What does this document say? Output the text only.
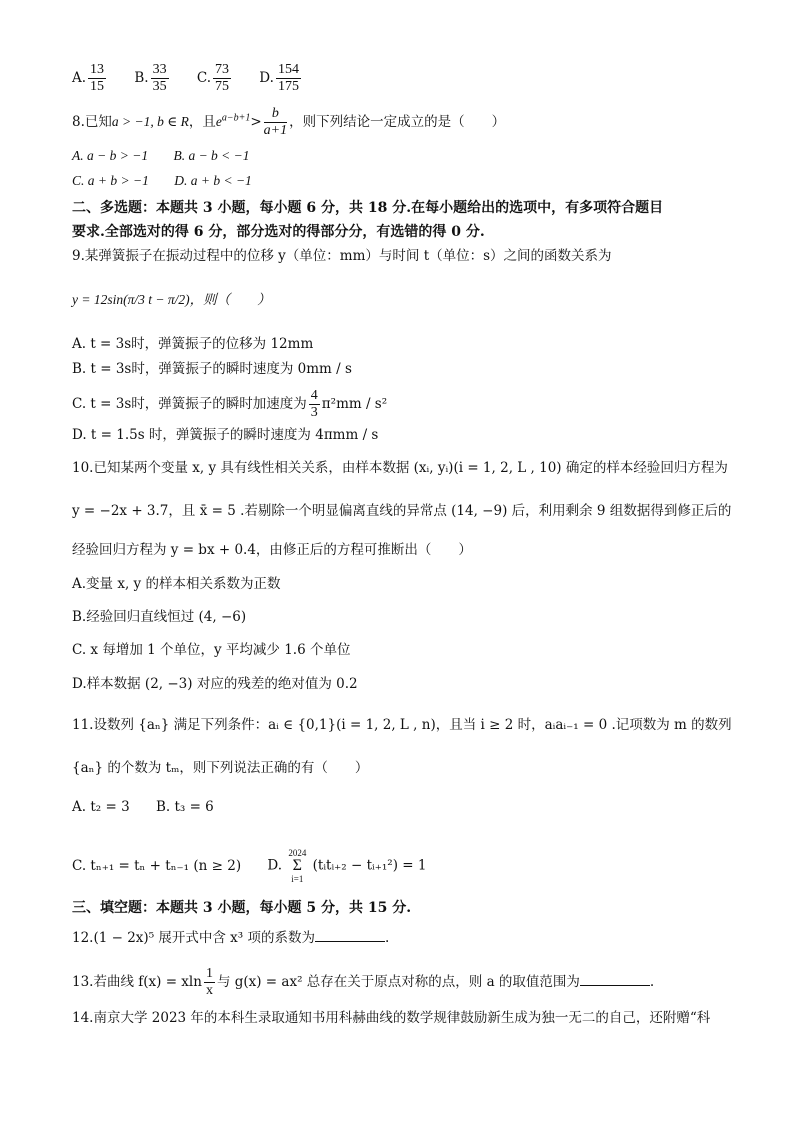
A. $\frac{13}{15} B$. $\frac{33}{35} C$. $\frac{73}{75} D$. $\frac{154}{175}$
8.已知a > −1, b ∈ R，且$e^{a-b+1}> \frac{b}{a+1}$ ，则下列结论一定成立的是（　　）
A. a − b > −1 B. a − b < −1
C. a + b > −1 D. a + b < −1
二、多选题：本题共 3 小题，每小题 6 分，共 18 分.在每小题给出的选项中，有多项符合题目
要求.全部选对的得 6 分，部分选对的得部分分，有选错的得 0 分.
9.某弹簧振子在振动过程中的位移 y（单位：mm）与时间 t（单位：s）之间的函数关系为
y = 12sin(π/3 t − π/2)，则（　　）
A. t = 3s时，弹簧振子的位移为 12mm
B. t = 3s时，弹簧振子的瞬时速度为 0mm / s
C. t = 3s时，弹簧振子的瞬时加速度为 $\frac{4}{3} \pi^2mm / s^2$
D. t = 1.5s 时，弹簧振子的瞬时速度为 4πmm / s
10.已知某两个变量 x, y 具有线性相关关系，由样本数据 (xᵢ, yᵢ)(i = 1, 2, L , 10) 确定的样本经验回归方程为
y = −2x + 3.7，且 x̄ = 5 .若剔除一个明显偏离直线的异常点 (14, −9) 后，利用剩余 9 组数据得到修正后的
经验回归方程为 y = bx + 0.4，由修正后的方程可推断出（　　）
A.变量 x, y 的样本相关系数为正数
B.经验回归直线恒过 (4, −6)
C. x 每增加 1 个单位，y 平均减少 1.6 个单位
D.样本数据 (2, −3) 对应的残差的绝对值为 0.2
11.设数列 {aₙ} 满足下列条件：aᵢ ∈ {0,1}(i = 1, 2, L , n)，且当 i ≥ 2 时，aᵢaᵢ₋₁ = 0 .记项数为 m 的数列
{aₙ} 的个数为 tₘ，则下列说法正确的有（　　）
A. t₂ = 3 B. t₃ = 6
C. tₙ₊₁ = tₙ + tₙ₋₁ (n ≥ 2) D.
2024
Σ
i=1
(tᵢtᵢ₊₂ − tᵢ₊₁²) = 1
三、填空题：本题共 3 小题，每小题 5 分，共 15 分.
12.(1 − 2x)⁵ 展开式中含 x³ 项的系数为	.
13.若曲线 f(x) = xln $\frac{1}{x}$ 与 g(x) = ax² 总存在关于原点对称的点，则 a 的取值范围为	.
14.南京大学 2023 年的本科生录取通知书用科赫曲线的数学规律鼓励新生成为独一无二的自己，还附赠“科
